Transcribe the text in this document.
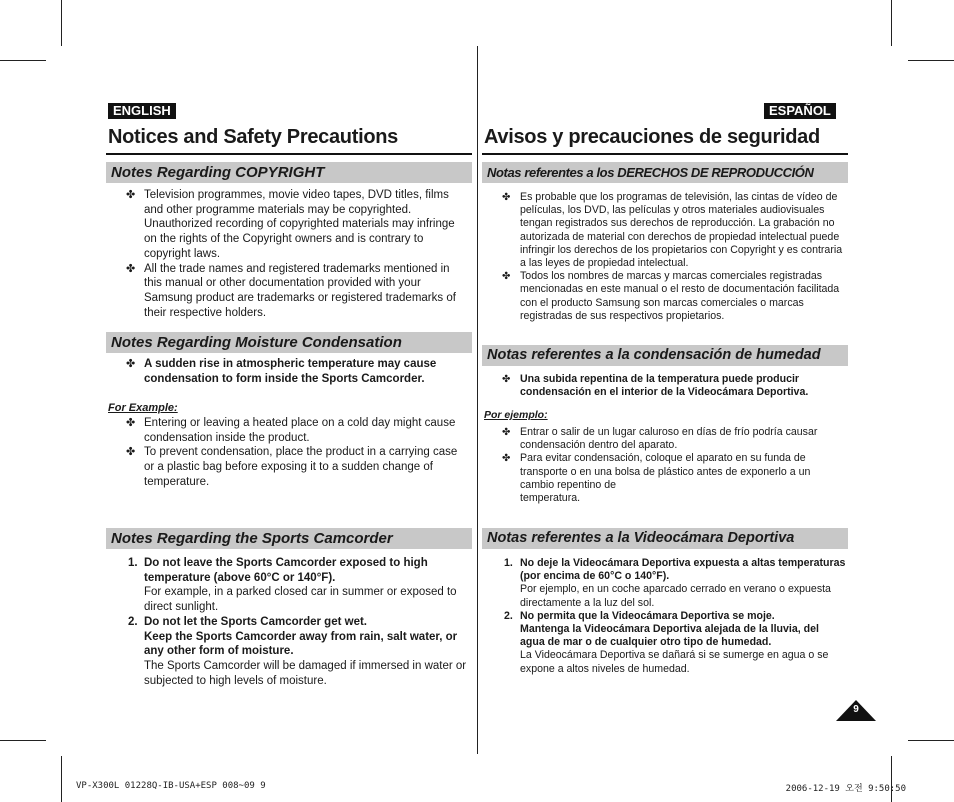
ENGLISH
Notices and Safety Precautions
Notes Regarding COPYRIGHT
✤ Television programmes, movie video tapes, DVD titles, films and other programme materials may be copyrighted. Unauthorized recording of copyrighted materials may infringe on the rights of the Copyright owners and is contrary to copyright laws.
✤ All the trade names and registered trademarks mentioned in this manual or other documentation provided with your Samsung product are trademarks or registered trademarks of their respective holders.
Notes Regarding Moisture Condensation
✤ A sudden rise in atmospheric temperature may cause condensation to form inside the Sports Camcorder.
For Example:
✤ Entering or leaving a heated place on a cold day might cause condensation inside the product.
✤ To prevent condensation, place the product in a carrying case or a plastic bag before exposing it to a sudden change of temperature.
Notes Regarding the Sports Camcorder
1. Do not leave the Sports Camcorder exposed to high temperature (above 60°C or 140°F).
For example, in a parked closed car in summer or exposed to direct sunlight.
2. Do not let the Sports Camcorder get wet.
Keep the Sports Camcorder away from rain, salt water, or any other form of moisture.
The Sports Camcorder will be damaged if immersed in water or subjected to high levels of moisture.
ESPAÑOL
Avisos y precauciones de seguridad
Notas referentes a los DERECHOS DE REPRODUCCIÓN
✤ Es probable que los programas de televisión, las cintas de vídeo de películas, los DVD, las películas y otros materiales audiovisuales tengan registrados sus derechos de reproducción. La grabación no autorizada de material con derechos de propiedad intelectual puede infringir los derechos de los propietarios con Copyright y es contraria a las leyes de propiedad intelectual.
✤ Todos los nombres de marcas y marcas comerciales registradas mencionadas en este manual o el resto de documentación facilitada con el producto Samsung son marcas comerciales o marcas registradas de sus respectivos propietarios.
Notas referentes a la condensación de humedad
✤ Una subida repentina de la temperatura puede producir condensación en el interior de la Videocámara Deportiva.
Por ejemplo:
✤ Entrar o salir de un lugar caluroso en días de frío podría causar condensación dentro del aparato.
✤ Para evitar condensación, coloque el aparato en su funda de transporte o en una bolsa de plástico antes de exponerlo a un cambio repentino de
temperatura.
Notas referentes a la Videocámara Deportiva
1. No deje la Videocámara Deportiva expuesta a altas temperaturas (por encima de 60°C o 140°F).
Por ejemplo, en un coche aparcado cerrado en verano o expuesta directamente a la luz del sol.
2. No permita que la Videocámara Deportiva se moje.
Mantenga la Videocámara Deportiva alejada de la lluvia, del agua de mar o de cualquier otro tipo de humedad.
La Videocámara Deportiva se dañará si se sumerge en agua o se expone a altos niveles de humedad.
9
VP-X300L 01228Q-IB-USA+ESP 008~09 9	2006-12-19 오전 9:50:50
